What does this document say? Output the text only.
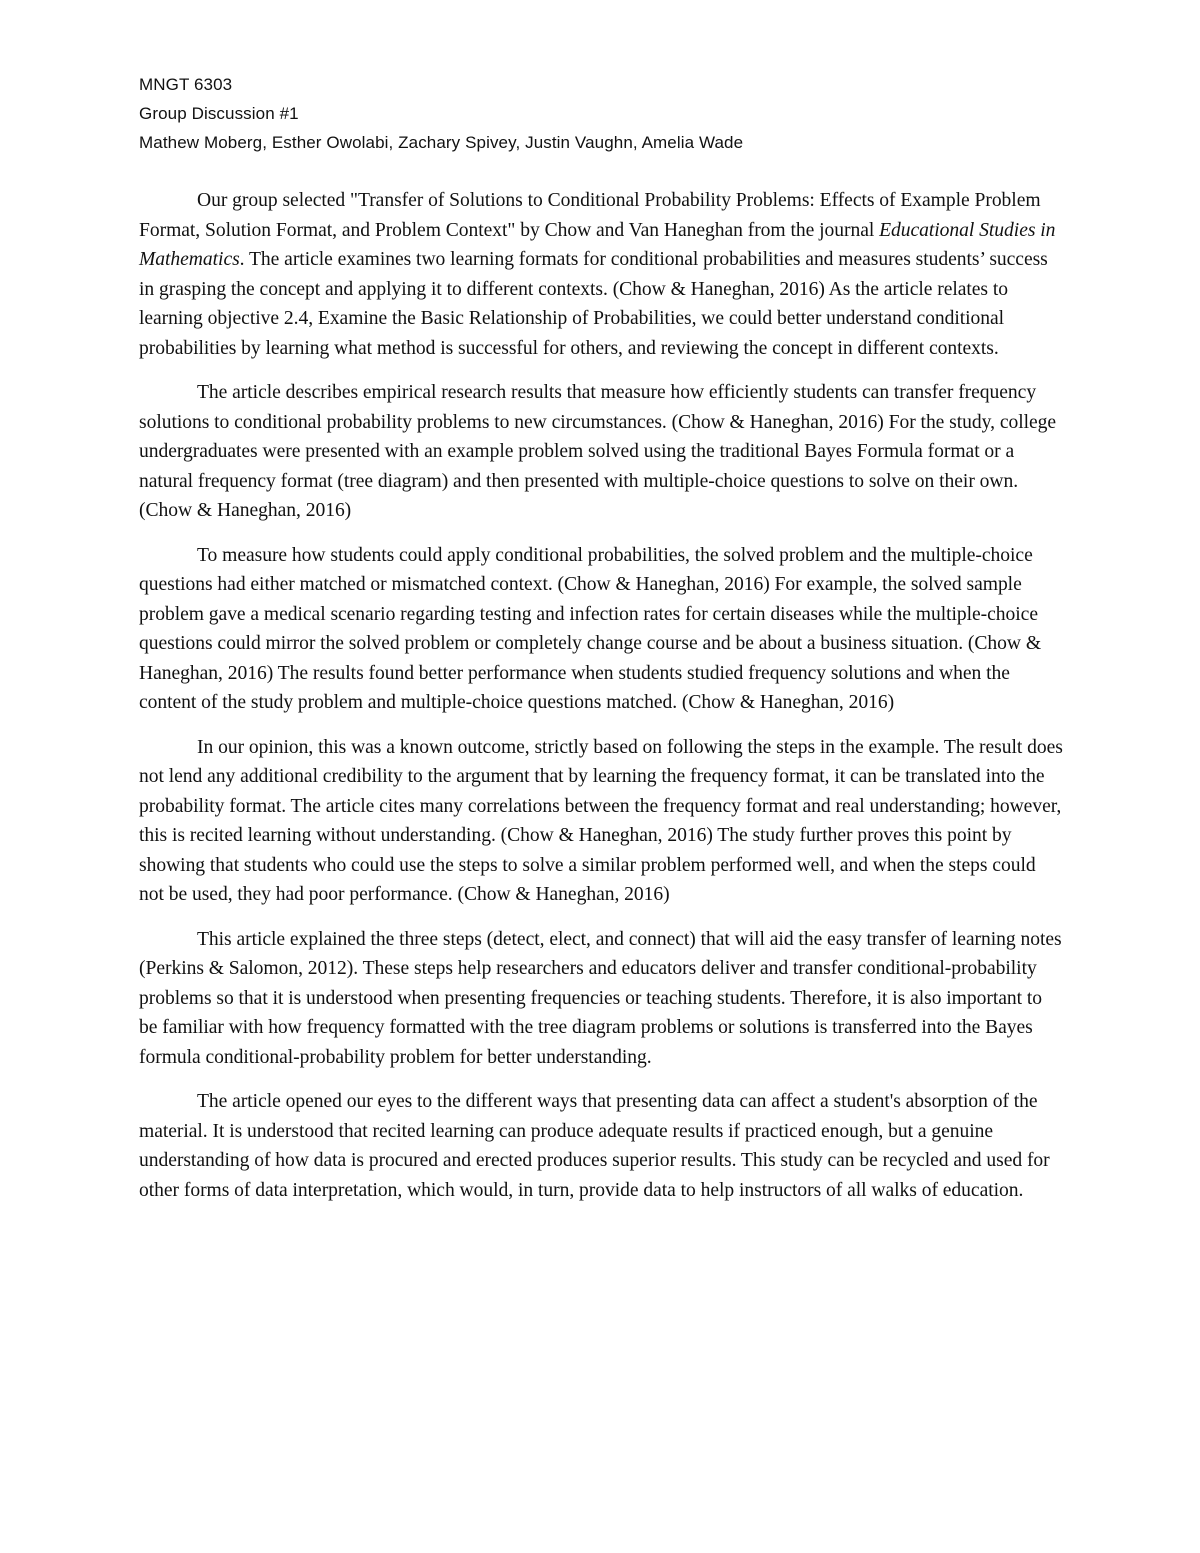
MNGT 6303

Group Discussion #1

Mathew Moberg, Esther Owolabi, Zachary Spivey, Justin Vaughn, Amelia Wade

Our group selected "Transfer of Solutions to Conditional Probability Problems: Effects of Example Problem Format, Solution Format, and Problem Context" by Chow and Van Haneghan from the journal Educational Studies in Mathematics. The article examines two learning formats for conditional probabilities and measures students’ success in grasping the concept and applying it to different contexts. (Chow & Haneghan, 2016) As the article relates to learning objective 2.4, Examine the Basic Relationship of Probabilities, we could better understand conditional probabilities by learning what method is successful for others, and reviewing the concept in different contexts.

The article describes empirical research results that measure how efficiently students can transfer frequency solutions to conditional probability problems to new circumstances. (Chow & Haneghan, 2016) For the study, college undergraduates were presented with an example problem solved using the traditional Bayes Formula format or a natural frequency format (tree diagram) and then presented with multiple-choice questions to solve on their own. (Chow & Haneghan, 2016)

To measure how students could apply conditional probabilities, the solved problem and the multiple-choice questions had either matched or mismatched context. (Chow & Haneghan, 2016) For example, the solved sample problem gave a medical scenario regarding testing and infection rates for certain diseases while the multiple-choice questions could mirror the solved problem or completely change course and be about a business situation. (Chow & Haneghan, 2016) The results found better performance when students studied frequency solutions and when the content of the study problem and multiple-choice questions matched. (Chow & Haneghan, 2016)

In our opinion, this was a known outcome, strictly based on following the steps in the example. The result does not lend any additional credibility to the argument that by learning the frequency format, it can be translated into the probability format. The article cites many correlations between the frequency format and real understanding; however, this is recited learning without understanding. (Chow & Haneghan, 2016) The study further proves this point by showing that students who could use the steps to solve a similar problem performed well, and when the steps could not be used, they had poor performance. (Chow & Haneghan, 2016)

This article explained the three steps (detect, elect, and connect) that will aid the easy transfer of learning notes (Perkins & Salomon, 2012). These steps help researchers and educators deliver and transfer conditional-probability problems so that it is understood when presenting frequencies or teaching students. Therefore, it is also important to be familiar with how frequency formatted with the tree diagram problems or solutions is transferred into the Bayes formula conditional-probability problem for better understanding.

The article opened our eyes to the different ways that presenting data can affect a student's absorption of the material. It is understood that recited learning can produce adequate results if practiced enough, but a genuine understanding of how data is procured and erected produces superior results. This study can be recycled and used for other forms of data interpretation, which would, in turn, provide data to help instructors of all walks of education.
